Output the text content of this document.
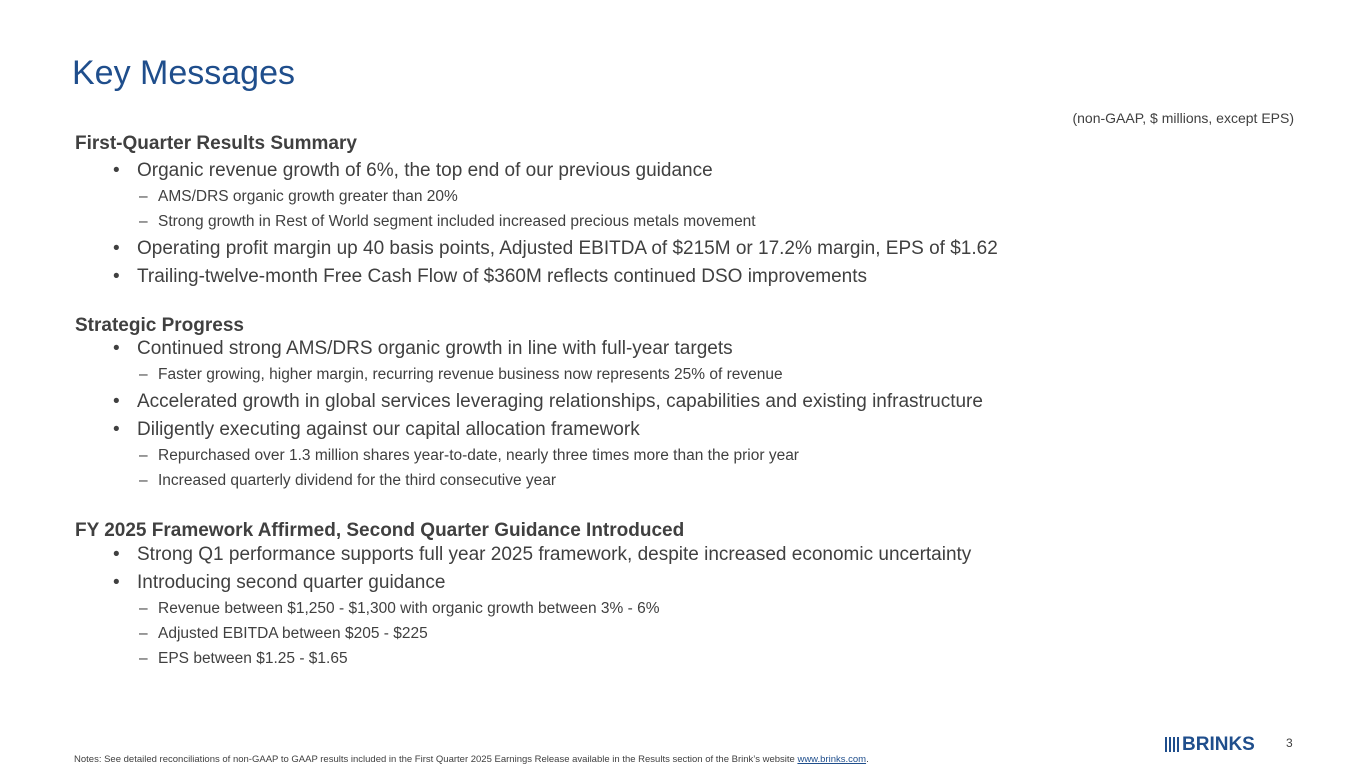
Key Messages
(non-GAAP, $ millions, except EPS)
First-Quarter Results Summary
• Organic revenue growth of 6%, the top end of our previous guidance
– AMS/DRS organic growth greater than 20%
– Strong growth in Rest of World segment included increased precious metals movement
• Operating profit margin up 40 basis points, Adjusted EBITDA of $215M or 17.2% margin, EPS of $1.62
• Trailing-twelve-month Free Cash Flow of $360M reflects continued DSO improvements
Strategic Progress
• Continued strong AMS/DRS organic growth in line with full-year targets
– Faster growing, higher margin, recurring revenue business now represents 25% of revenue
• Accelerated growth in global services leveraging relationships, capabilities and existing infrastructure
• Diligently executing against our capital allocation framework
– Repurchased over 1.3 million shares year-to-date, nearly three times more than the prior year
– Increased quarterly dividend for the third consecutive year
FY 2025 Framework Affirmed, Second Quarter Guidance Introduced
• Strong Q1 performance supports full year 2025 framework, despite increased economic uncertainty
• Introducing second quarter guidance
– Revenue between $1,250 - $1,300 with organic growth between 3% - 6%
– Adjusted EBITDA between $205 - $225
– EPS between $1.25 - $1.65
Notes: See detailed reconciliations of non-GAAP to GAAP results included in the First Quarter 2025 Earnings Release available in the Results section of the Brink’s website www.brinks.com.
BRINKS	3
